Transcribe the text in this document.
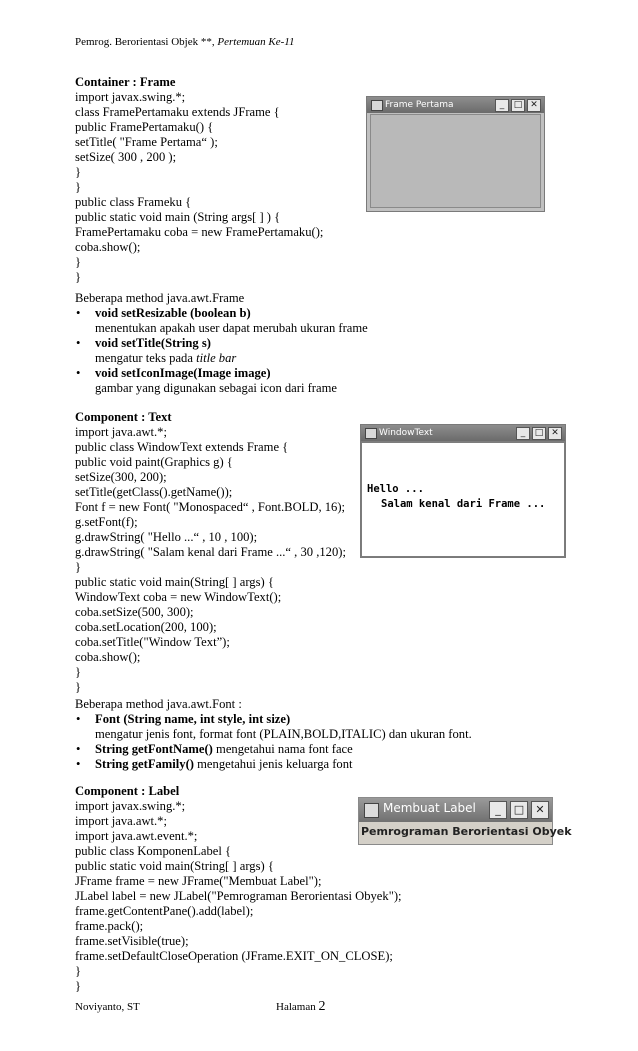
Pemrog. Berorientasi Objek **, Pertemuan Ke-11
Container : Frame
import javax.swing.*;
class FramePertamaku extends JFrame {
public FramePertamaku() {
setTitle( "Frame Pertama“ );
setSize( 300 , 200 );
}
}
public class Frameku {
public static void main (String args[ ] ) {
FramePertamaku coba = new FramePertamaku();
coba.show();
}
}
Frame Pertama	_	□ ✕
Beberapa method java.awt.Frame
• void setResizable (boolean b)
menentukan apakah user dapat merubah ukuran frame
• void setTitle(String s)
mengatur teks pada title bar
• void setIconImage(Image image)
gambar yang digunakan sebagai icon dari frame
Component : Text
import java.awt.*;
public class WindowText extends Frame {
public void paint(Graphics g) {
setSize(300, 200);
setTitle(getClass().getName());
Font f = new Font( "Monospaced“ , Font.BOLD, 16);
g.setFont(f);
g.drawString( "Hello ...“ , 10 , 100);
g.drawString( "Salam kenal dari Frame ...“ , 30 ,120);
}
public static void main(String[ ] args) {
WindowText coba = new WindowText();
coba.setSize(500, 300);
coba.setLocation(200, 100);
coba.setTitle("Window Text”);
coba.show();
}
}
WindowText	_	□ ✕
Hello ...
Salam kenal dari Frame ...
Beberapa method java.awt.Font :
• Font (String name, int style, int size)
mengatur jenis font, format font (PLAIN,BOLD,ITALIC) dan ukuran font.
• String getFontName() mengetahui nama font face
• String getFamily() mengetahui jenis keluarga font
Component : Label
import javax.swing.*;
import java.awt.*;
import java.awt.event.*;
public class KomponenLabel {
public static void main(String[ ] args) {
JFrame frame = new JFrame("Membuat Label");
JLabel label = new JLabel("Pemrograman Berorientasi Obyek");
frame.getContentPane().add(label);
frame.pack();
frame.setVisible(true);
frame.setDefaultCloseOperation (JFrame.EXIT_ON_CLOSE);
}
}
Membuat Label	_	□	✕
Pemrograman Berorientasi Obyek
Noviyanto, ST	Halaman 2
